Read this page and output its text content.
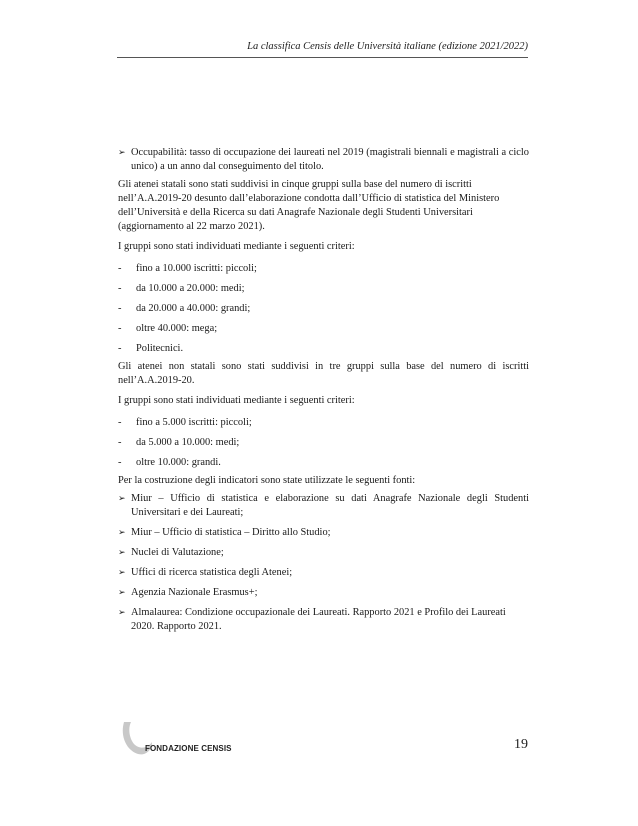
La classifica Censis delle Università italiane (edizione 2021/2022)
➢ Occupabilità: tasso di occupazione dei laureati nel 2019 (magistrali biennali e magistrali a ciclo unico) a un anno dal conseguimento del titolo.

Gli atenei statali sono stati suddivisi in cinque gruppi sulla base del numero di iscritti
nell’A.A.2019-20 desunto dall’elaborazione condotta dall’Ufficio di statistica del Ministero
dell’Università e della Ricerca su dati Anagrafe Nazionale degli Studenti Universitari
(aggiornamento al 22 marzo 2021).

I gruppi sono stati individuati mediante i seguenti criteri:

-	fino a 10.000 iscritti: piccoli;
-	da 10.000 a 20.000: medi;
-	da 20.000 a 40.000: grandi;
-	oltre 40.000: mega;
-	Politecnici.

Gli atenei non statali sono stati suddivisi in tre gruppi sulla base del numero di iscritti nell’A.A.2019-20.

I gruppi sono stati individuati mediante i seguenti criteri:

-	fino a 5.000 iscritti: piccoli;
-	da 5.000 a 10.000: medi;
-	oltre 10.000: grandi.

Per la costruzione degli indicatori sono state utilizzate le seguenti fonti:

➢ Miur – Ufficio di statistica e elaborazione su dati Anagrafe Nazionale degli Studenti Universitari e dei Laureati;
➢ Miur – Ufficio di statistica – Diritto allo Studio;
➢ Nuclei di Valutazione;
➢ Uffici di ricerca statistica degli Atenei;
➢ Agenzia Nazionale Erasmus+;
➢ Almalaurea: Condizione occupazionale dei Laureati. Rapporto 2021 e Profilo dei Laureati 2020. Rapporto 2021.
FONDAZIONE CENSIS	19
